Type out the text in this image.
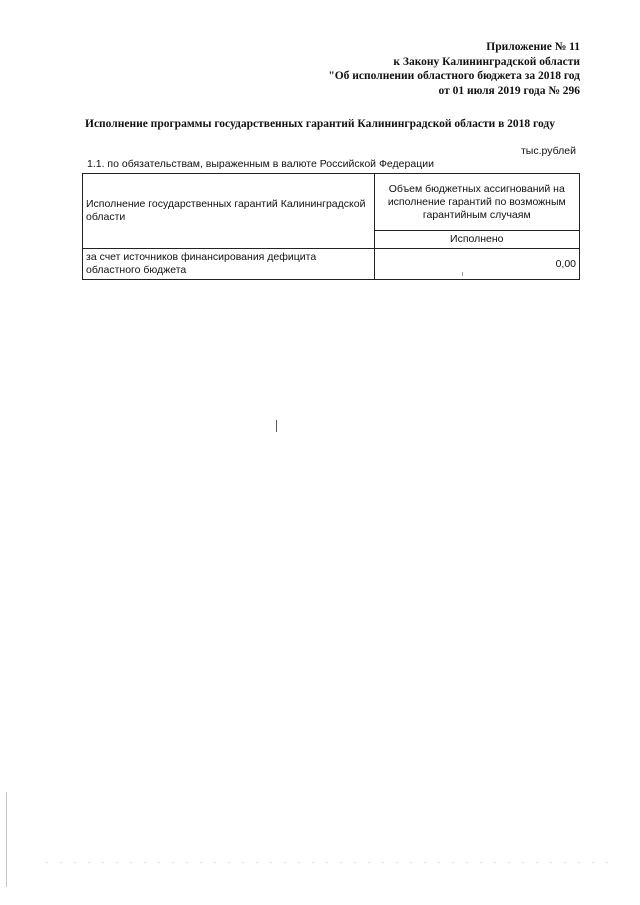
Приложение № 11
к Закону Калининградской области
"Об исполнении областного бюджета за 2018 год
от 01 июля 2019 года № 296
Исполнение программы государственных гарантий Калининградской области в 2018 году
тыс.рублей
1.1. по обязательствам, выраженным в валюте Российской Федерации
Исполнение государственных гарантий Калининградской области	Объем бюджетных ассигнований на исполнение гарантий по возможным гарантийным случаям
	Исполнено
за счет источников финансирования дефицита областного бюджета	0,00
